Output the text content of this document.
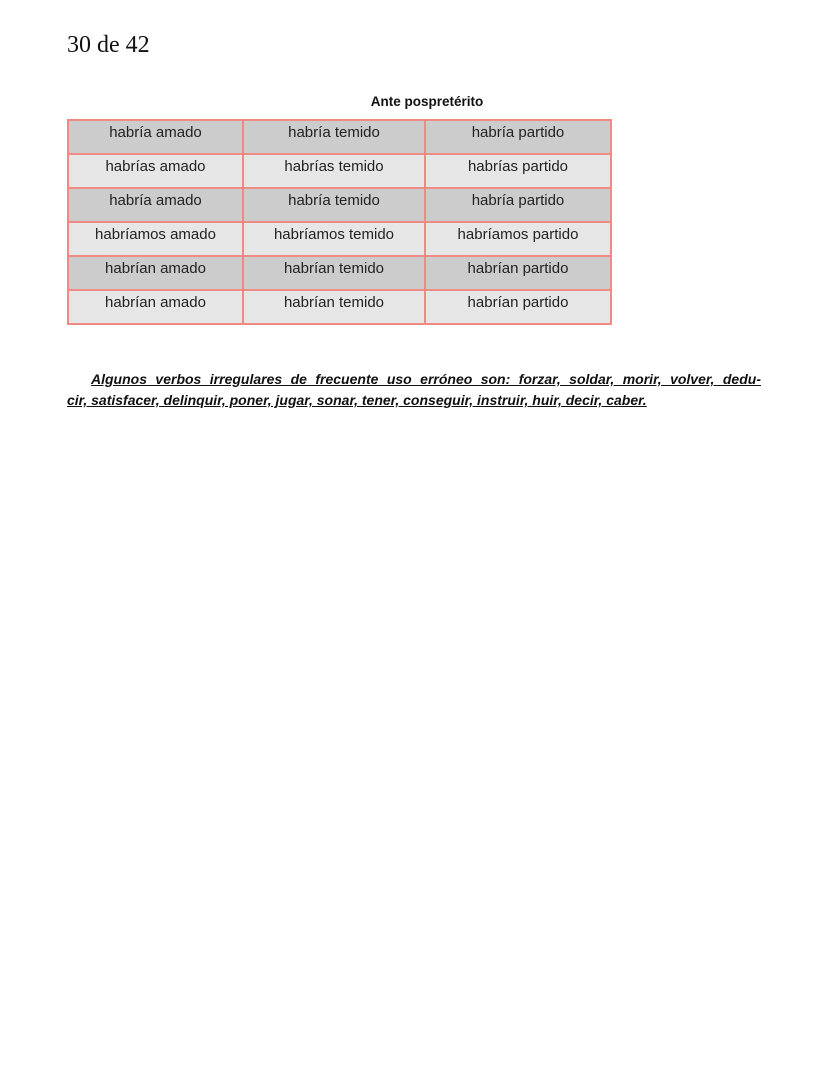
30 de 42
Ante pospretérito
habría amado	habría temido	habría partido
habrías amado	habrías temido	habrías partido
habría amado	habría temido	habría partido
habríamos amado	habríamos temido	habríamos partido
habrían amado	habrían temido	habrían partido
habrían amado	habrían temido	habrían partido

Algunos verbos irregulares de frecuente uso erróneo son: forzar, soldar, morir, volver, dedu-
cir, satisfacer, delinquir, poner, jugar, sonar, tener, conseguir, instruir, huir, decir, caber.
